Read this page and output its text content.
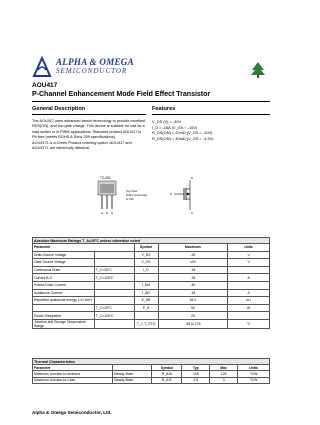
ALPHA & OMEGA
SEMICONDUCTOR
AOU417
P-Channel Enhancement Mode Field Effect Transistor
General Description
The AOU417 uses advanced trench technology to provide excellent RDS(ON), and low gate charge. This device is suitable for use as a load switch or in PWM applications. Standard product AOU417 is Pb-free (meets ROHS & Sony 259 specifications).
AOU417L is a Green Product ordering option. AOU417 and AOU417L are electrically identical.
Features
V_DS (V) = -30V
I_D = -18A (V_GS = -10V)
R_DS(ON) < 22mΩ (V_GS = -10V)
R_DS(ON) < 40mΩ (V_GS = -4.5V)
TO-251
G D S
Top View
Drain Connected
to Tab
D
G
S
Absolute Maximum Ratings T_A=25°C unless otherwise noted
Parameter		Symbol	Maximum	Units
Drain-Source Voltage		V_DS	-30	V
Gate-Source Voltage		V_GS	±20	V
Continuous Drain	T_C=25°C	I_D	-18	
Current B,G	T_C=100°C		-18	A
Pulsed Drain Current		I_DM	-40	
Avalanche Current		I_AR	-18	A
Repetitive avalanche energy L=0.1mH		E_AR	16.2	mJ
	T_C=25°C	P_D	50	W
Power Dissipation	T_C=100°C		25	
Junction and Storage Temperature Range		T_J, T_STG	-55 to 175	°C
Thermal Characteristics
Parameter		Symbol	Typ	Max	Units
Maximum Junction-to-Ambient	Steady-State	R_θJA	105	125	°C/W
Maximum Junction-to-Case	Steady-State	R_θJC	2.5	3	°C/W
Alpha & Omega Semiconductor, Ltd.
